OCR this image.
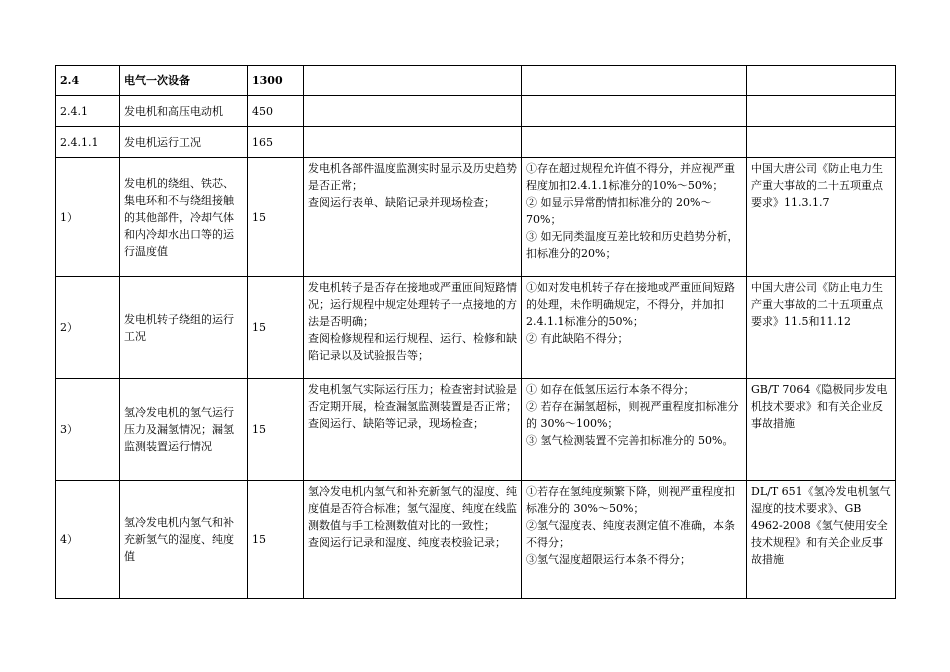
2.4	电气一次设备	1300			
2.4.1	发电机和高压电动机	450			
2.4.1.1	发电机运行工况	165			
1）	发电机的绕组、铁芯、集电环和不与绕组接触的其他部件，冷却气体和内冷却水出口等的运行温度值	15	发电机各部件温度监测实时显示及历史趋势是否正常；
查阅运行表单、缺陷记录并现场检查；	①存在超过规程允许值不得分，并应视严重程度加扣2.4.1.1标准分的10%～50%；
② 如显示异常酌情扣标准分的 20%～70%；
③ 如无同类温度互差比较和历史趋势分析，扣标准分的20%；	中国大唐公司《防止电力生产重大事故的二十五项重点要求》11.3.1.7
2）	发电机转子绕组的运行工况	15	发电机转子是否存在接地或严重匝间短路情况；运行规程中规定处理转子一点接地的方法是否明确；
查阅检修规程和运行规程、运行、检修和缺陷记录以及试验报告等；	①如对发电机转子存在接地或严重匝间短路的处理，未作明确规定，不得分，并加扣2.4.1.1标准分的50%；
② 有此缺陷不得分；	中国大唐公司《防止电力生产重大事故的二十五项重点要求》11.5和11.12
3）	氢冷发电机的氢气运行压力及漏氢情况；漏氢监测装置运行情况	15	发电机氢气实际运行压力；检查密封试验是否定期开展，检查漏氢监测装置是否正常；
查阅运行、缺陷等记录，现场检查；	① 如存在低氢压运行本条不得分；
② 若存在漏氢超标，则视严重程度扣标准分的 30%～100%；
③ 氢气检测装置不完善扣标准分的 50%。	GB/T 7064《隐极同步发电机技术要求》和有关企业反事故措施
4）	氢冷发电机内氢气和补充新氢气的湿度、纯度值	15	氢冷发电机内氢气和补充新氢气的湿度、纯度值是否符合标准；氢气湿度、纯度在线监测数值与手工检测数值对比的一致性；
查阅运行记录和湿度、纯度表校验记录；	①若存在氢纯度频繁下降，则视严重程度扣标准分的 30%～50%；
②氢气湿度表、纯度表测定值不准确，本条不得分；
③氢气湿度超限运行本条不得分；	DL/T 651《氢冷发电机氢气湿度的技术要求》、GB 4962-2008《氢气使用安全技术规程》和有关企业反事故措施
